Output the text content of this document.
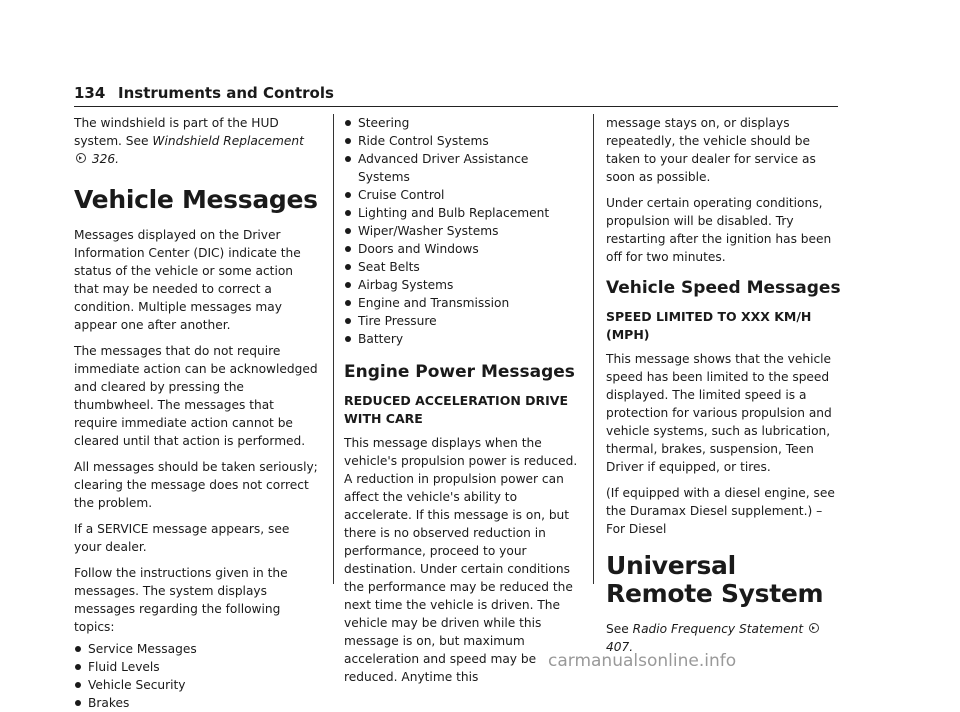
134 Instruments and Controls

The windshield is part of the HUD system. See Windshield Replacement  326.

Vehicle Messages

Messages displayed on the Driver Information Center (DIC) indicate the status of the vehicle or some action that may be needed to correct a condition. Multiple messages may appear one after another.

The messages that do not require immediate action can be acknowledged and cleared by pressing the thumbwheel. The messages that require immediate action cannot be cleared until that action is performed.

All messages should be taken seriously; clearing the message does not correct the problem.

If a SERVICE message appears, see your dealer.

Follow the instructions given in the messages. The system displays messages regarding the following topics:

Service Messages
Fluid Levels
Vehicle Security
Brakes
Steering
Ride Control Systems
Advanced Driver Assistance Systems
Cruise Control
Lighting and Bulb Replacement
Wiper/Washer Systems
Doors and Windows
Seat Belts
Airbag Systems
Engine and Transmission
Tire Pressure
Battery
Engine Power Messages
REDUCED ACCELERATION DRIVE
WITH CARE

This message displays when the vehicle's propulsion power is reduced. A reduction in propulsion power can affect the vehicle's ability to accelerate. If this message is on, but there is no observed reduction in performance, proceed to your destination. Under certain conditions the performance may be reduced the next time the vehicle is driven. The vehicle may be driven while this message is on, but maximum acceleration and speed may be reduced. Anytime this

message stays on, or displays repeatedly, the vehicle should be taken to your dealer for service as soon as possible.

Under certain operating conditions, propulsion will be disabled. Try restarting after the ignition has been off for two minutes.

Vehicle Speed Messages
SPEED LIMITED TO XXX KM/H (MPH)

This message shows that the vehicle speed has been limited to the speed displayed. The limited speed is a protection for various propulsion and vehicle systems, such as lubrication, thermal, brakes, suspension, Teen Driver if equipped, or tires.

(If equipped with a diesel engine, see the Duramax Diesel supplement.) – For Diesel

Universal Remote System

See Radio Frequency Statement  407.

carmanualsonline.info
